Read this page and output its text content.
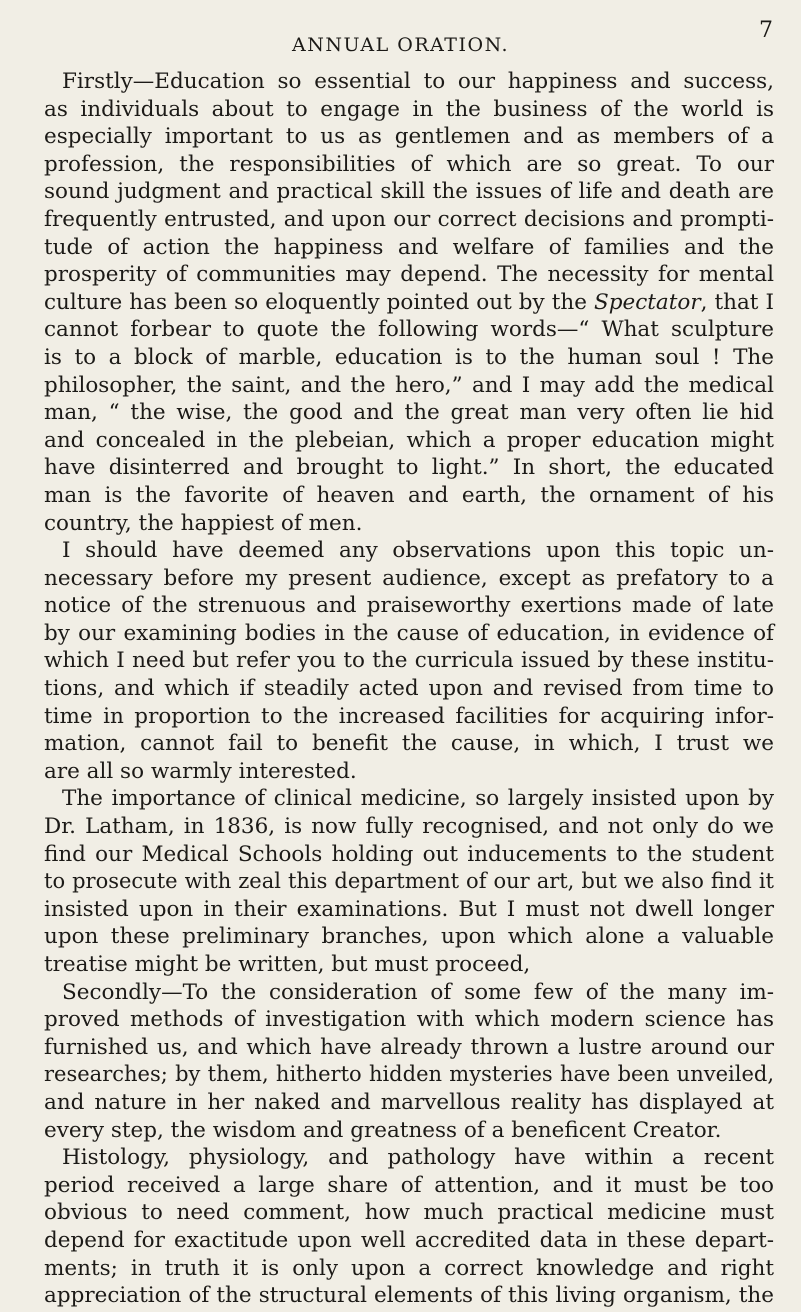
ANNUAL ORATION.
7
Firstly—Education so essential to our happiness and success,
as individuals about to engage in the business of the world is
especially important to us as gentlemen and as members of a
profession, the responsibilities of which are so great. To our
sound judgment and practical skill the issues of life and death are
frequently entrusted, and upon our correct decisions and prompti-
tude of action the happiness and welfare of families and the
prosperity of communities may depend. The necessity for mental
culture has been so eloquently pointed out by the Spectator, that I
cannot forbear to quote the following words—“ What sculpture
is to a block of marble, education is to the human soul ! The
philosopher, the saint, and the hero,” and I may add the medical
man, “ the wise, the good and the great man very often lie hid
and concealed in the plebeian, which a proper education might
have disinterred and brought to light.” In short, the educated
man is the favorite of heaven and earth, the ornament of his
country, the happiest of men.
I should have deemed any observations upon this topic un-
necessary before my present audience, except as prefatory to a
notice of the strenuous and praiseworthy exertions made of late
by our examining bodies in the cause of education, in evidence of
which I need but refer you to the curricula issued by these institu-
tions, and which if steadily acted upon and revised from time to
time in proportion to the increased facilities for acquiring infor-
mation, cannot fail to benefit the cause, in which, I trust we
are all so warmly interested.
The importance of clinical medicine, so largely insisted upon by
Dr. Latham, in 1836, is now fully recognised, and not only do we
find our Medical Schools holding out inducements to the student
to prosecute with zeal this department of our art, but we also find it
insisted upon in their examinations. But I must not dwell longer
upon these preliminary branches, upon which alone a valuable
treatise might be written, but must proceed,
Secondly—To the consideration of some few of the many im-
proved methods of investigation with which modern science has
furnished us, and which have already thrown a lustre around our
researches; by them, hitherto hidden mysteries have been unveiled,
and nature in her naked and marvellous reality has displayed at
every step, the wisdom and greatness of a beneficent Creator.
Histology, physiology, and pathology have within a recent
period received a large share of attention, and it must be too
obvious to need comment, how much practical medicine must
depend for exactitude upon well accredited data in these depart-
ments; in truth it is only upon a correct knowledge and right
appreciation of the structural elements of this living organism, the
